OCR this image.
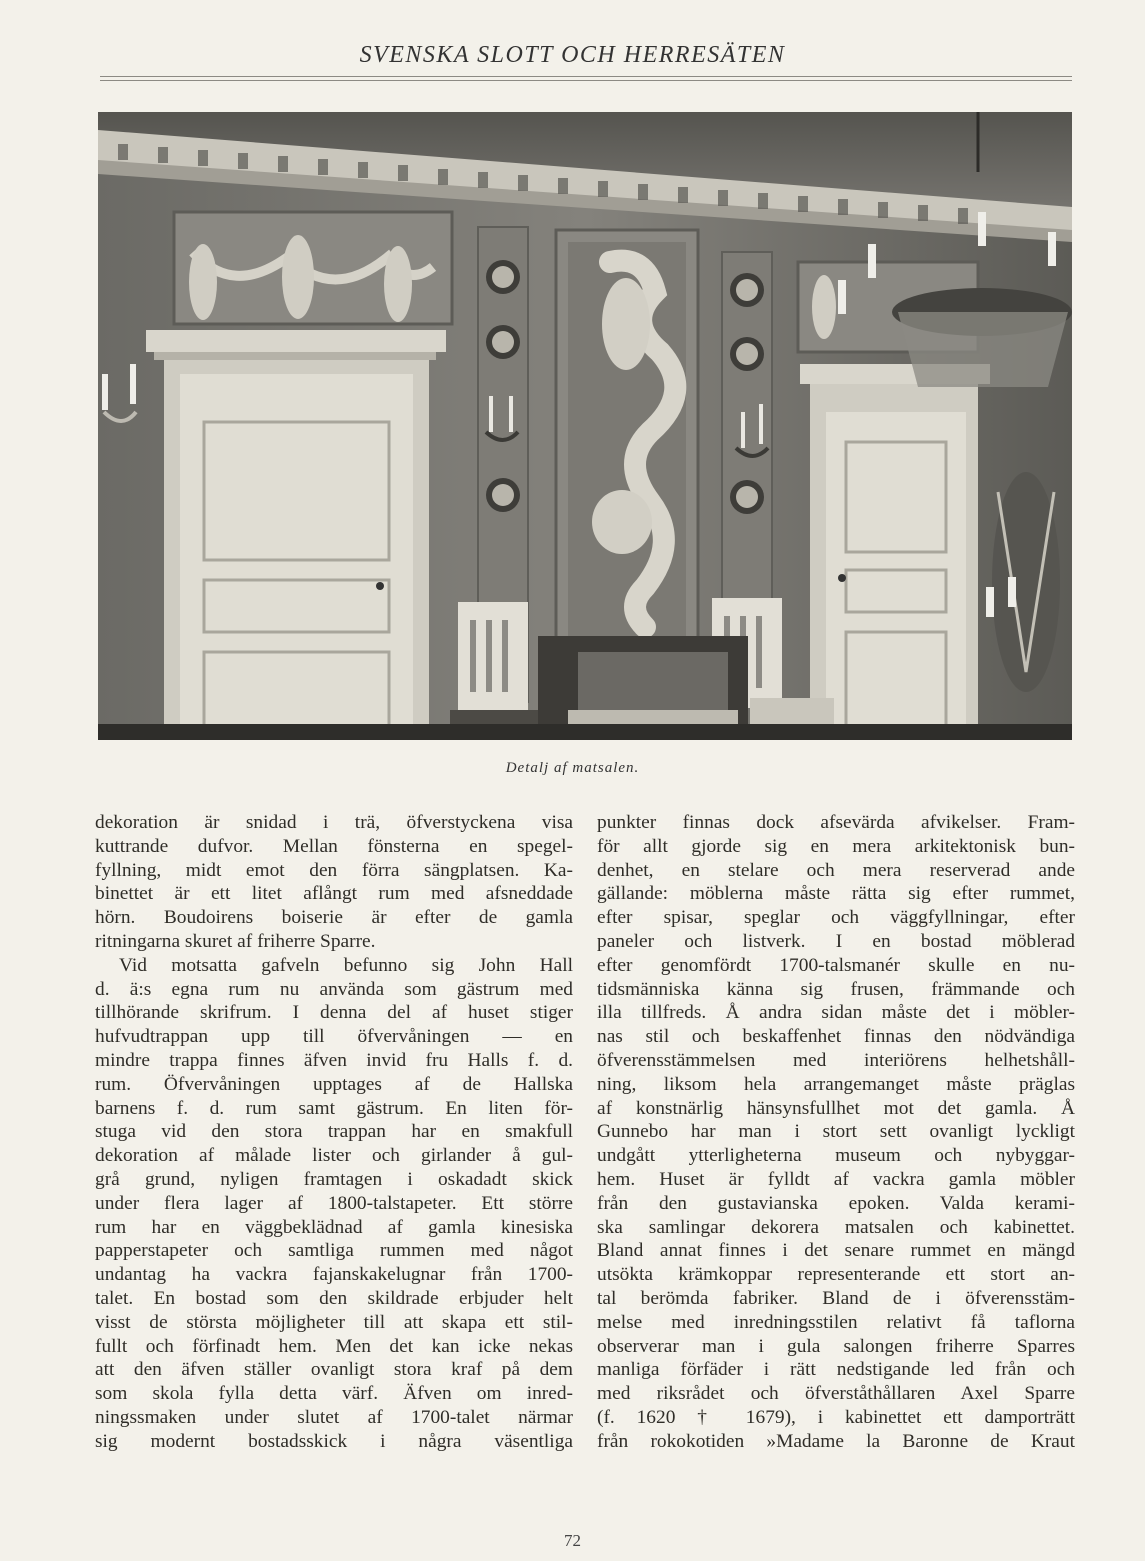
SVENSKA SLOTT OCH HERRESÄTEN
Detalj af matsalen.

dekoration är snidad i trä, öfverstyckena visa

kuttrande dufvor. Mellan fönsterna en spegel-

fyllning, midt emot den förra sängplatsen. Ka-

binettet är ett litet aflångt rum med afsneddade

hörn. Boudoirens boiserie är efter de gamla

ritningarna skuret af friherre Sparre.

Vid motsatta gafveln befunno sig John Hall

d. ä:s egna rum nu använda som gästrum med

tillhörande skrifrum. I denna del af huset stiger

hufvudtrappan upp till öfvervåningen — en

mindre trappa finnes äfven invid fru Halls f. d.

rum. Öfvervåningen upptages af de Hallska

barnens f. d. rum samt gästrum. En liten för-

stuga vid den stora trappan har en smakfull

dekoration af målade lister och girlander å gul-

grå grund, nyligen framtagen i oskadadt skick

under flera lager af 1800-talstapeter. Ett större

rum har en väggbeklädnad af gamla kinesiska

papperstapeter och samtliga rummen med något

undantag ha vackra fajanskakelugnar från 1700-

talet. En bostad som den skildrade erbjuder helt

visst de största möjligheter till att skapa ett stil-

fullt och förfinadt hem. Men det kan icke nekas

att den äfven ställer ovanligt stora kraf på dem

som skola fylla detta värf. Äfven om inred-

ningssmaken under slutet af 1700-talet närmar

sig modernt bostadsskick i några väsentliga

punkter finnas dock afsevärda afvikelser. Fram-

för allt gjorde sig en mera arkitektonisk bun-

denhet, en stelare och mera reserverad ande

gällande: möblerna måste rätta sig efter rummet,

efter spisar, speglar och väggfyllningar, efter

paneler och listverk. I en bostad möblerad

efter genomfördt 1700-talsmanér skulle en nu-

tidsmänniska känna sig frusen, främmande och

illa tillfreds. Å andra sidan måste det i möbler-

nas stil och beskaffenhet finnas den nödvändiga

öfverensstämmelsen med interiörens helhetshåll-

ning, liksom hela arrangemanget måste präglas

af konstnärlig hänsynsfullhet mot det gamla. Å

Gunnebo har man i stort sett ovanligt lyckligt

undgått ytterligheterna museum och nybyggar-

hem. Huset är fylldt af vackra gamla möbler

från den gustavianska epoken. Valda kerami-

ska samlingar dekorera matsalen och kabinettet.

Bland annat finnes i det senare rummet en mängd

utsökta krämkoppar representerande ett stort an-

tal berömda fabriker. Bland de i öfverensstäm-

melse med inredningsstilen relativt få taflorna

observerar man i gula salongen friherre Sparres

manliga förfäder i rätt nedstigande led från och

med riksrådet och öfverståthållaren Axel Sparre

(f. 1620 † 1679), i kabinettet ett damporträtt

från rokokotiden »Madame la Baronne de Kraut

72
